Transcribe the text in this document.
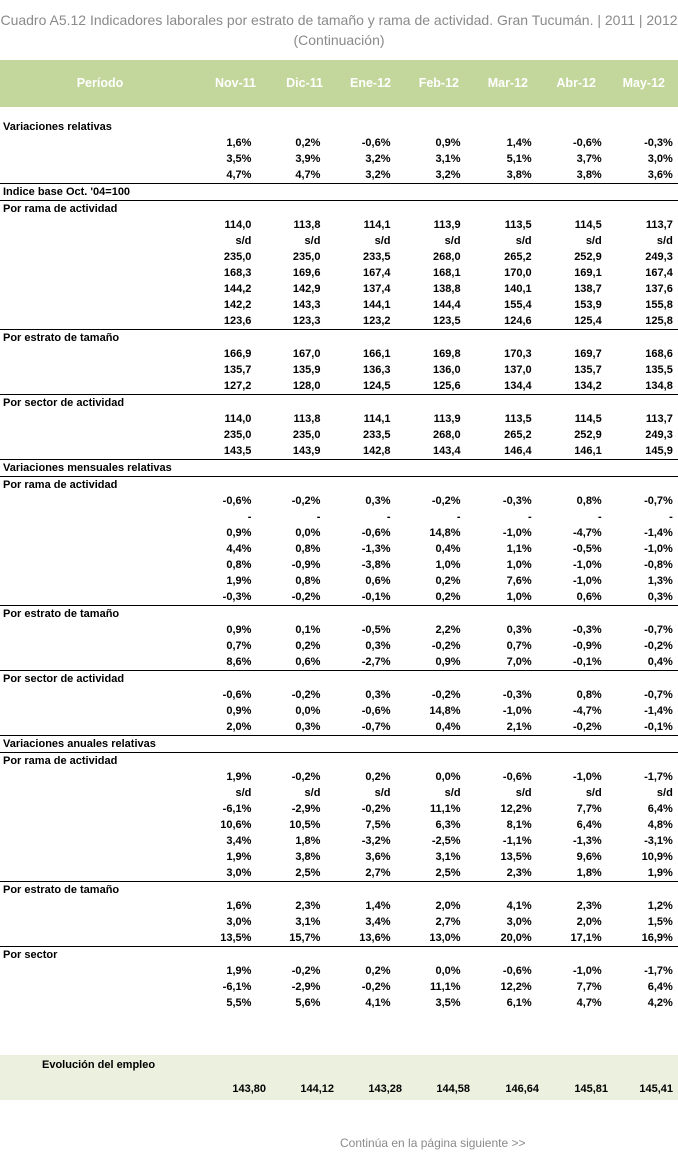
Cuadro A5.12 Indicadores laborales por estrato de tamaño y rama de actividad. Gran Tucumán. | 2011 | 2012 (Continuación)
Período	Nov-11	Dic-11	Ene-12	Feb-12	Mar-12	Abr-12	May-12
Variaciones relativas								
	1,6%	0,2%	-0,6%	0,9%	1,4%	-0,6%	-0,3%	
	3,5%	3,9%	3,2%	3,1%	5,1%	3,7%	3,0%	
	4,7%	4,7%	3,2%	3,2%	3,8%	3,8%	3,6%	
Indice base Oct. '04=100								
Por rama de actividad								
	114,0	113,8	114,1	113,9	113,5	114,5	113,7	
	s/d	s/d	s/d	s/d	s/d	s/d	s/d	
	235,0	235,0	233,5	268,0	265,2	252,9	249,3	
	168,3	169,6	167,4	168,1	170,0	169,1	167,4	
	144,2	142,9	137,4	138,8	140,1	138,7	137,6	
	142,2	143,3	144,1	144,4	155,4	153,9	155,8	
	123,6	123,3	123,2	123,5	124,6	125,4	125,8	
Por estrato de tamaño								
	166,9	167,0	166,1	169,8	170,3	169,7	168,6	
	135,7	135,9	136,3	136,0	137,0	135,7	135,5	
	127,2	128,0	124,5	125,6	134,4	134,2	134,8	
Por sector de actividad								
	114,0	113,8	114,1	113,9	113,5	114,5	113,7	
	235,0	235,0	233,5	268,0	265,2	252,9	249,3	
	143,5	143,9	142,8	143,4	146,4	146,1	145,9	
Variaciones mensuales relativas								
Por rama de actividad								
	-0,6%	-0,2%	0,3%	-0,2%	-0,3%	0,8%	-0,7%	
	-	-	-	-	-	-	-	
	0,9%	0,0%	-0,6%	14,8%	-1,0%	-4,7%	-1,4%	
	4,4%	0,8%	-1,3%	0,4%	1,1%	-0,5%	-1,0%	
	0,8%	-0,9%	-3,8%	1,0%	1,0%	-1,0%	-0,8%	
	1,9%	0,8%	0,6%	0,2%	7,6%	-1,0%	1,3%	
	-0,3%	-0,2%	-0,1%	0,2%	1,0%	0,6%	0,3%	
Por estrato de tamaño								
	0,9%	0,1%	-0,5%	2,2%	0,3%	-0,3%	-0,7%	
	0,7%	0,2%	0,3%	-0,2%	0,7%	-0,9%	-0,2%	
	8,6%	0,6%	-2,7%	0,9%	7,0%	-0,1%	0,4%	
Por sector de actividad								
	-0,6%	-0,2%	0,3%	-0,2%	-0,3%	0,8%	-0,7%	
	0,9%	0,0%	-0,6%	14,8%	-1,0%	-4,7%	-1,4%	
	2,0%	0,3%	-0,7%	0,4%	2,1%	-0,2%	-0,1%	
Variaciones anuales relativas								
Por rama de actividad								
	1,9%	-0,2%	0,2%	0,0%	-0,6%	-1,0%	-1,7%	
	s/d	s/d	s/d	s/d	s/d	s/d	s/d	
	-6,1%	-2,9%	-0,2%	11,1%	12,2%	7,7%	6,4%	
	10,6%	10,5%	7,5%	6,3%	8,1%	6,4%	4,8%	
	3,4%	1,8%	-3,2%	-2,5%	-1,1%	-1,3%	-3,1%	
	1,9%	3,8%	3,6%	3,1%	13,5%	9,6%	10,9%	
	3,0%	2,5%	2,7%	2,5%	2,3%	1,8%	1,9%	
Por estrato de tamaño								
	1,6%	2,3%	1,4%	2,0%	4,1%	2,3%	1,2%	
	3,0%	3,1%	3,4%	2,7%	3,0%	2,0%	1,5%	
	13,5%	15,7%	13,6%	13,0%	20,0%	17,1%	16,9%	
Por sector								
	1,9%	-0,2%	0,2%	0,0%	-0,6%	-1,0%	-1,7%	
	-6,1%	-2,9%	-0,2%	11,1%	12,2%	7,7%	6,4%	
	5,5%	5,6%	4,1%	3,5%	6,1%	4,7%	4,2%	
Evolución del empleo
143,80	144,12	143,28	144,58	146,64	145,81	145,41
Continúa en la página siguiente >>
